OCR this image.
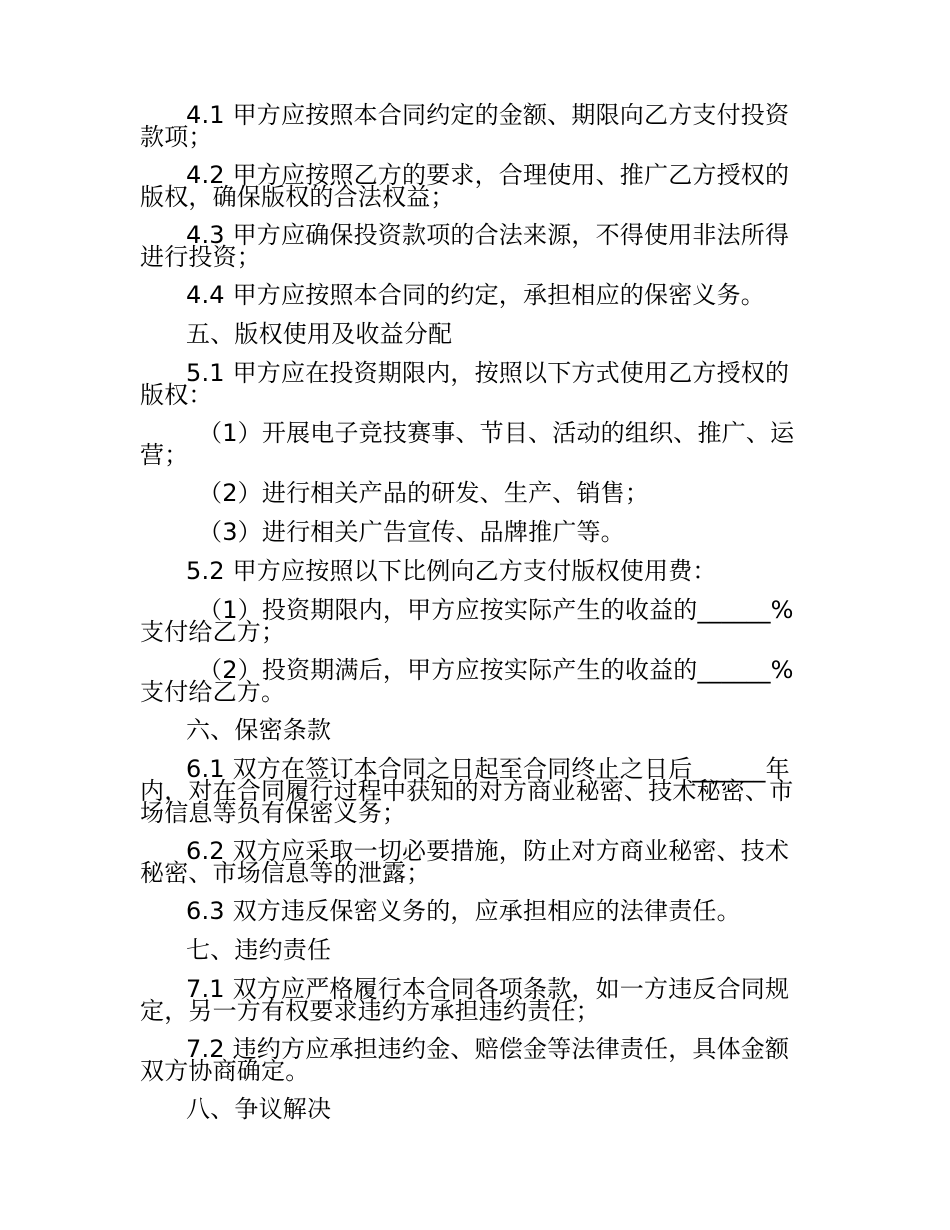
4.1 甲方应按照本合同约定的金额、期限向乙方支付投资款项；

4.2 甲方应按照乙方的要求，合理使用、推广乙方授权的版权，确保版权的合法权益；

4.3 甲方应确保投资款项的合法来源，不得使用非法所得进行投资；

4.4 甲方应按照本合同的约定，承担相应的保密义务。

五、版权使用及收益分配

5.1 甲方应在投资期限内，按照以下方式使用乙方授权的版权：

（1）开展电子竞技赛事、节目、活动的组织、推广、运营；

（2）进行相关产品的研发、生产、销售；

（3）进行相关广告宣传、品牌推广等。

5.2 甲方应按照以下比例向乙方支付版权使用费：

（1）投资期限内，甲方应按实际产生的收益的______%支付给乙方；

（2）投资期满后，甲方应按实际产生的收益的______%支付给乙方。

六、保密条款

6.1 双方在签订本合同之日起至合同终止之日后______年内，对在合同履行过程中获知的对方商业秘密、技术秘密、市场信息等负有保密义务；

6.2 双方应采取一切必要措施，防止对方商业秘密、技术秘密、市场信息等的泄露；

6.3 双方违反保密义务的，应承担相应的法律责任。

七、违约责任

7.1 双方应严格履行本合同各项条款，如一方违反合同规定，另一方有权要求违约方承担违约责任；

7.2 违约方应承担违约金、赔偿金等法律责任，具体金额双方协商确定。

八、争议解决
